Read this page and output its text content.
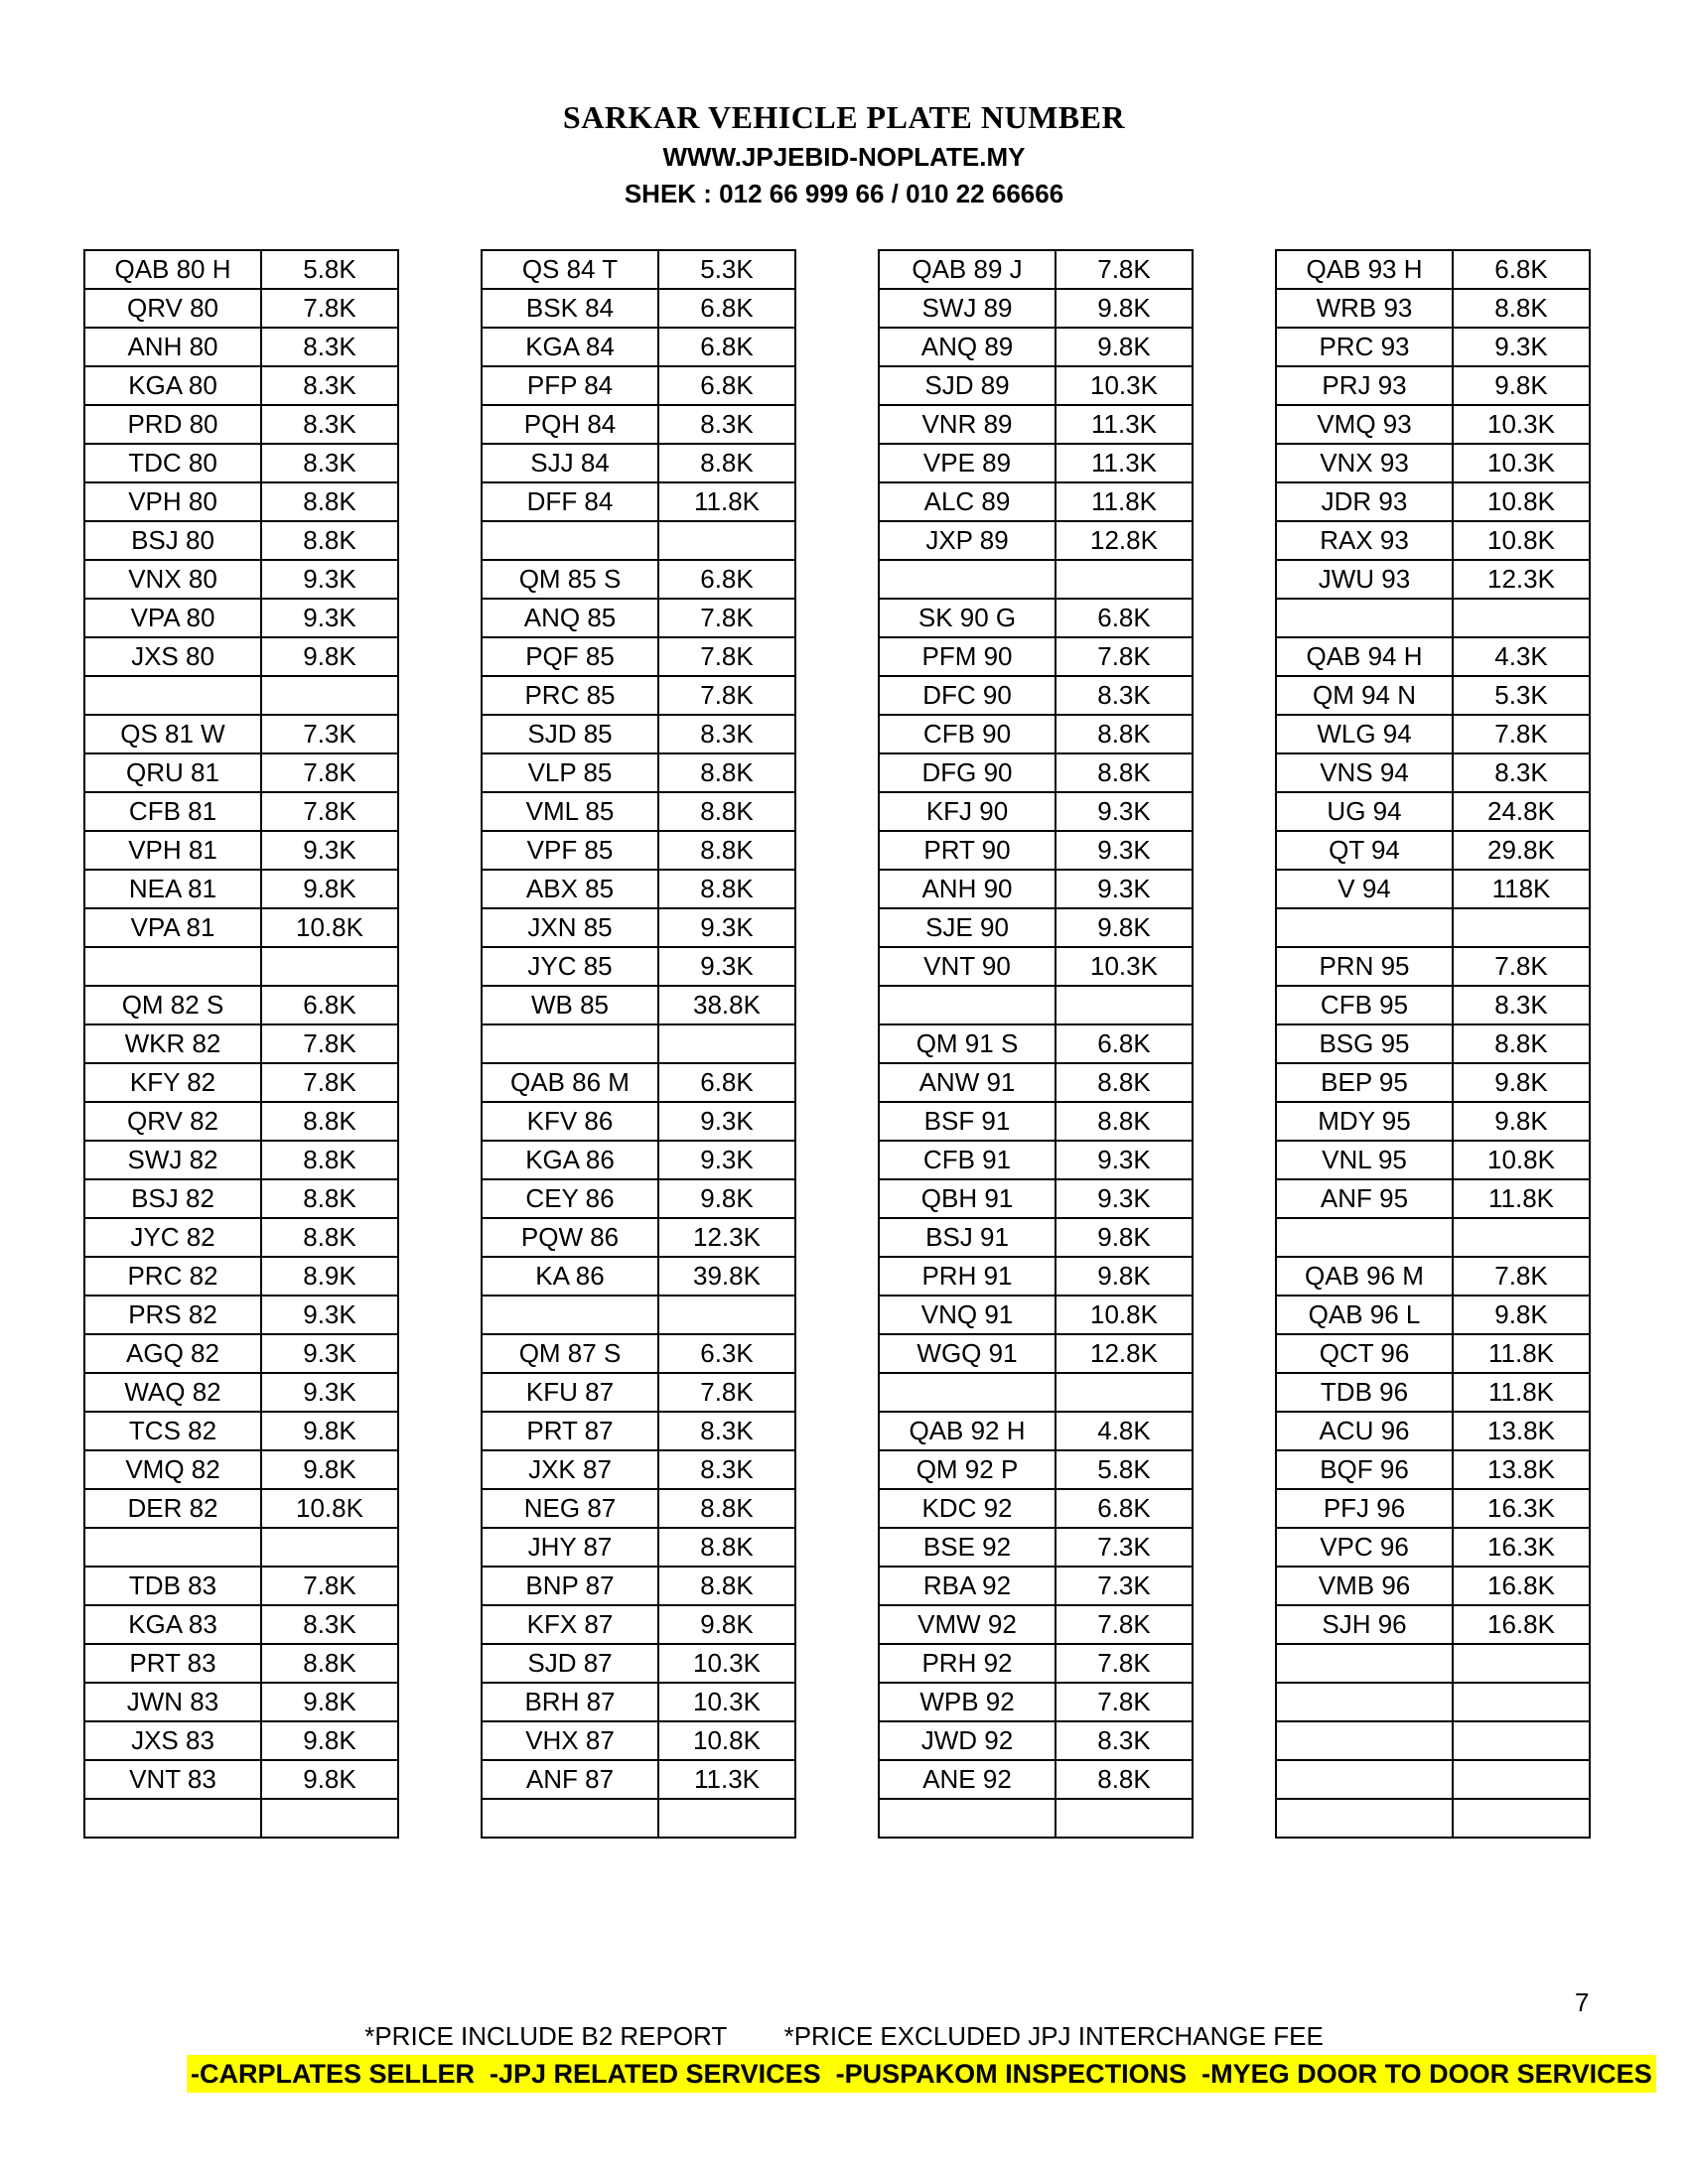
SARKAR VEHICLE PLATE NUMBER
WWW.JPJEBID-NOPLATE.MY
SHEK : 012 66 999 66 / 010 22 66666
QAB 80 H	5.8K
QRV 80	7.8K
ANH 80	8.3K
KGA 80	8.3K
PRD 80	8.3K
TDC 80	8.3K
VPH 80	8.8K
BSJ 80	8.8K
VNX 80	9.3K
VPA 80	9.3K
JXS 80	9.8K

QS 81 W	7.3K
QRU 81	7.8K
CFB 81	7.8K
VPH 81	9.3K
NEA 81	9.8K
VPA 81	10.8K

QM 82 S	6.8K
WKR 82	7.8K
KFY 82	7.8K
QRV 82	8.8K
SWJ 82	8.8K
BSJ 82	8.8K
JYC 82	8.8K
PRC 82	8.9K
PRS 82	9.3K
AGQ 82	9.3K
WAQ 82	9.3K
TCS 82	9.8K
VMQ 82	9.8K
DER 82	10.8K

TDB 83	7.8K
KGA 83	8.3K
PRT 83	8.8K
JWN 83	9.8K
JXS 83	9.8K
VNT 83	9.8K

QS 84 T	5.3K
BSK 84	6.8K
KGA 84	6.8K
PFP 84	6.8K
PQH 84	8.3K
SJJ 84	8.8K
DFF 84	11.8K

QM 85 S	6.8K
ANQ 85	7.8K
PQF 85	7.8K
PRC 85	7.8K
SJD 85	8.3K
VLP 85	8.8K
VML 85	8.8K
VPF 85	8.8K
ABX 85	8.8K
JXN 85	9.3K
JYC 85	9.3K
WB 85	38.8K

QAB 86 M	6.8K
KFV 86	9.3K
KGA 86	9.3K
CEY 86	9.8K
PQW 86	12.3K
KA 86	39.8K

QM 87 S	6.3K
KFU 87	7.8K
PRT 87	8.3K
JXK 87	8.3K
NEG 87	8.8K
JHY 87	8.8K
BNP 87	8.8K
KFX 87	9.8K
SJD 87	10.3K
BRH 87	10.3K
VHX 87	10.8K
ANF 87	11.3K

QAB 89 J	7.8K
SWJ 89	9.8K
ANQ 89	9.8K
SJD 89	10.3K
VNR 89	11.3K
VPE 89	11.3K
ALC 89	11.8K
JXP 89	12.8K

SK 90 G	6.8K
PFM 90	7.8K
DFC 90	8.3K
CFB 90	8.8K
DFG 90	8.8K
KFJ 90	9.3K
PRT 90	9.3K
ANH 90	9.3K
SJE 90	9.8K
VNT 90	10.3K

QM 91 S	6.8K
ANW 91	8.8K
BSF 91	8.8K
CFB 91	9.3K
QBH 91	9.3K
BSJ 91	9.8K
PRH 91	9.8K
VNQ 91	10.8K
WGQ 91	12.8K

QAB 92 H	4.8K
QM 92 P	5.8K
KDC 92	6.8K
BSE 92	7.3K
RBA 92	7.3K
VMW 92	7.8K
PRH 92	7.8K
WPB 92	7.8K
JWD 92	8.3K
ANE 92	8.8K

QAB 93 H	6.8K
WRB 93	8.8K
PRC 93	9.3K
PRJ 93	9.8K
VMQ 93	10.3K
VNX 93	10.3K
JDR 93	10.8K
RAX 93	10.8K
JWU 93	12.3K

QAB 94 H	4.3K
QM 94 N	5.3K
WLG 94	7.8K
VNS 94	8.3K
UG 94	24.8K
QT 94	29.8K
V 94	118K

PRN 95	7.8K
CFB 95	8.3K
BSG 95	8.8K
BEP 95	9.8K
MDY 95	9.8K
VNL 95	10.8K
ANF 95	11.8K

QAB 96 M	7.8K
QAB 96 L	9.8K
QCT 96	11.8K
TDB 96	11.8K
ACU 96	13.8K
BQF 96	13.8K
PFJ 96	16.3K
VPC 96	16.3K
VMB 96	16.8K
SJH 96	16.8K

7
*PRICE INCLUDE B2 REPORT        *PRICE EXCLUDED JPJ INTERCHANGE FEE
-CARPLATES SELLER  -JPJ RELATED SERVICES  -PUSPAKOM INSPECTIONS  -MYEG DOOR TO DOOR SERVICES
